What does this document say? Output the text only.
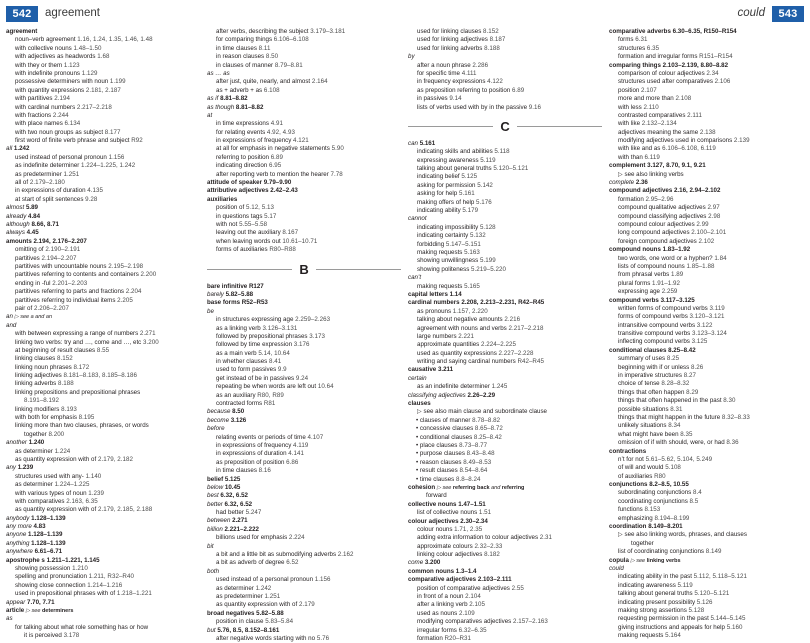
542	agreement	could	543
agreement
noun–verb agreement 1.16, 1.24, 1.35, 1.46, 1.48
with collective nouns 1.48–1.50
with adjectives as headwords 1.68
with they or them 1.123
with indefinite pronouns 1.129
possessive determiners with noun 1.199
with quantity expressions 2.181, 2.187
with partitives 2.194
with cardinal numbers 2.217–2.218
with fractions 2.244
with place names 6.134
with two noun groups as subject 8.177
first word of finite verb phrase and subject R92
all 1.242
used instead of personal pronoun 1.156
as indefinite determiner 1.224–1.225, 1.242
as predeterminer 1.251
all of 2.179–2.180
in expressions of duration 4.135
at start of split sentences 9.28
almost 5.89
already 4.84
although 8.66, 8.71
always 4.45
amounts 2.194, 2.176–2.207
omitting of 2.190–2.191
partitives 2.194–2.207
partitives with uncountable nouns 2.195–2.198
partitives referring to contents and containers 2.200
ending in -ful 2.201–2.203
partitives referring to parts and fractions 2.204
partitives referring to individual items 2.205
pair of 2.206–2.207
an ▷ see a and an
and
with between expressing a range of numbers 2.271
linking two verbs: try and …, come and …, etc 3.200
at beginning of result clauses 8.55
linking clauses 8.152
linking noun phrases 8.172
linking adjectives 8.181–8.183, 8.185–8.186
linking adverbs 8.188
linking prepositions and prepositional phrases
8.191–8.192
linking modifiers 8.193
with both for emphasis 8.195
linking more than two clauses, phrases, or words
together 8.200
another 1.240
as determiner 1.224
as quantity expression with of 2.179, 2.182
any 1.239
structures used with any- 1.140
as determiner 1.224–1.225
with various types of noun 1.239
with comparatives 2.163, 6.35
as quantity expression with of 2.179, 2.185, 2.188
anybody 1.128–1.139
any more 4.83
anyone 1.128–1.139
anything 1.128–1.139
anywhere 6.61–6.71
apostrophe s 1.211–1.221, 1.145
showing possession 1.210
spelling and pronunciation 1.211, R32–R40
showing close connection 1.214–1.216
used in prepositional phrases with of 1.218–1.221
appear 7.70, 7.71
article ▷ see determiners
as
for talking about what role something has or how
it is perceived 3.178
after verbs, describing the subject 3.179–3.181
for comparing things 6.106–6.108
in time clauses 8.11
in reason clauses 8.50
in clauses of manner 8.79–8.81
as … as
after just, quite, nearly, and almost 2.164
as + adverb + as 6.108
as if 8.81–8.82
as though 8.81–8.82
at
in time expressions 4.91
for relating events 4.92, 4.93
in expressions of frequency 4.121
at all for emphasis in negative statements 5.90
referring to position 6.89
indicating direction 6.95
after reporting verb to mention the hearer 7.78
attitude of speaker 9.79–9.90
attributive adjectives 2.42–2.43
auxiliaries
position of 5.12, 5.13
in questions tags 5.17
with not 5.55–5.58
leaving out the auxiliary 8.167
when leaving words out 10.61–10.71
forms of auxiliaries R80–R88
B
bare infinitive R127
barely 5.82–5.88
base forms R52–R53
be
in structures expressing age 2.259–2.263
as a linking verb 3.126–3.131
followed by prepositional phrases 3.173
followed by time expression 3.176
as a main verb 5.14, 10.64
in whether clauses 8.41
used to form passives 9.9
get instead of be in passives 9.24
repeating be when words are left out 10.64
as an auxiliary R80, R89
contracted forms R81
because 8.50
become 3.126
before
relating events or periods of time 4.107
in expressions of frequency 4.119
in expressions of duration 4.141
as preposition of position 6.86
in time clauses 8.16
belief 5.125
below 10.45
best 6.32, 6.52
better 6.32, 6.52
had better 5.247
between 2.271
billion 2.221–2.222
billions used for emphasis 2.224
bit
a bit and a little bit as submodifying adverbs 2.162
a bit as adverb of degree 6.52
both
used instead of a personal pronoun 1.156
as determiner 1.242
as predeterminer 1.251
as quantity expression with of 2.179
broad negatives 5.82–5.88
position in clause 5.83–5.84
but 5.76, 8.5, 8.152–8.161
after negative words starting with no 5.76
used for linking clauses 8.152
used for linking adjectives 8.187
used for linking adverbs 8.188
by
after a noun phrase 2.286
for specific time 4.111
in frequency expressions 4.122
as preposition referring to position 6.89
in passives 9.14
lists of verbs used with by in the passive 9.16
C
can 5.161
indicating skills and abilities 5.118
expressing awareness 5.119
talking about general truths 5.120–5.121
indicating belief 5.125
asking for permission 5.142
asking for help 5.161
making offers of help 5.176
indicating ability 5.179
cannot
indicating impossibility 5.128
indicating certainty 5.132
forbidding 5.147–5.151
making requests 5.163
showing unwillingness 5.199
showing politeness 5.219–5.220
can’t
making requests 5.165
capital letters 1.14
cardinal numbers 2.208, 2.213–2.231, R42–R45
as pronouns 1.157, 2.220
talking about negative amounts 2.216
agreement with nouns and verbs 2.217–2.218
large numbers 2.221
approximate quantities 2.224–2.225
used as quantity expressions 2.227–2.228
writing and saying cardinal numbers R42–R45
causative 3.211
certain
as an indefinite determiner 1.245
classifying adjectives 2.26–2.29
clauses
▷ see also main clause and subordinate clause
• clauses of manner 8.78–8.82
• concessive clauses 8.65–8.72
• conditional clauses 8.25–8.42
• place clauses 8.73–8.77
• purpose clauses 8.43–8.48
• reason clauses 8.49–8.53
• result clauses 8.54–8.64
• time clauses 8.8–8.24
cohesion ▷ see referring back and referring
forward
collective nouns 1.47–1.51
list of collective nouns 1.51
colour adjectives 2.30–2.34
colour nouns 1.71, 2.35
adding extra information to colour adjectives 2.31
approximate colours 2.32–2.33
linking colour adjectives 8.182
come 3.200
common nouns 1.3–1.4
comparative adjectives 2.103–2.111
position of comparative adjectives 2.55
in front of a noun 2.104
after a linking verb 2.105
used as nouns 2.109
modifying comparatives adjectives 2.157–2.163
irregular forms 6.32–6.35
formation R20–R31
comparative adverbs 6.30–6.35, R150–R154
forms 6.31
structures 6.35
formation and irregular forms R151–R154
comparing things 2.103–2.139, 8.80–8.82
comparison of colour adjectives 2.34
structures used after comparatives 2.106
position 2.107
more and more than 2.108
with less 2.110
contrasted comparatives 2.111
with like 2.132–2.134
adjectives meaning the same 2.138
modifying adjectives used in comparisons 2.139
with like and as 6.106–6.108, 6.119
with than 6.119
complement 3.127, 8.70, 9.1, 9.21
▷ see also linking verbs
complete 2.36
compound adjectives 2.16, 2.94–2.102
formation 2.95–2.96
compound qualitative adjectives 2.97
compound classifying adjectives 2.98
compound colour adjectives 2.99
long compound adjectives 2.100–2.101
foreign compound adjectives 2.102
compound nouns 1.83–1.92
two words, one word or a hyphen? 1.84
lists of compound nouns 1.85–1.88
from phrasal verbs 1.89
plural forms 1.91–1.92
expressing age 2.259
compound verbs 3.117–3.125
written forms of compound verbs 3.119
forms of compound verbs 3.120–3.121
intransitive compound verbs 3.122
transitive compound verbs 3.123–3.124
inflecting compound verbs 3.125
conditional clauses 8.25–8.42
summary of uses 8.25
beginning with if or unless 8.26
in imperative structures 8.27
choice of tense 8.28–8.32
things that often happen 8.29
things that often happened in the past 8.30
possible situations 8.31
things that might happen in the future 8.32–8.33
unlikely situations 8.34
what might have been 8.35
omission of if with should, were, or had 8.36
contractions
n’t for not 5.61–5.62, 5.104, 5.249
of will and would 5.108
of auxiliaries R80
conjunctions 8.2–8.5, 10.55
subordinating conjunctions 8.4
coordinating conjunctions 8.5
functions 8.153
emphasizing 8.194–8.199
coordination 8.149–8.201
▷ see also linking words, phrases, and clauses
together
list of coordinating conjunctions 8.149
copula ▷ see linking verbs
could
indicating ability in the past 5.112, 5.118–5.121
indicating awareness 5.119
talking about general truths 5.120–5.121
indicating present possibility 5.126
making strong assertions 5.128
requesting permission in the past 5.144–5.145
giving instructions and appeals for help 5.160
making requests 5.164
